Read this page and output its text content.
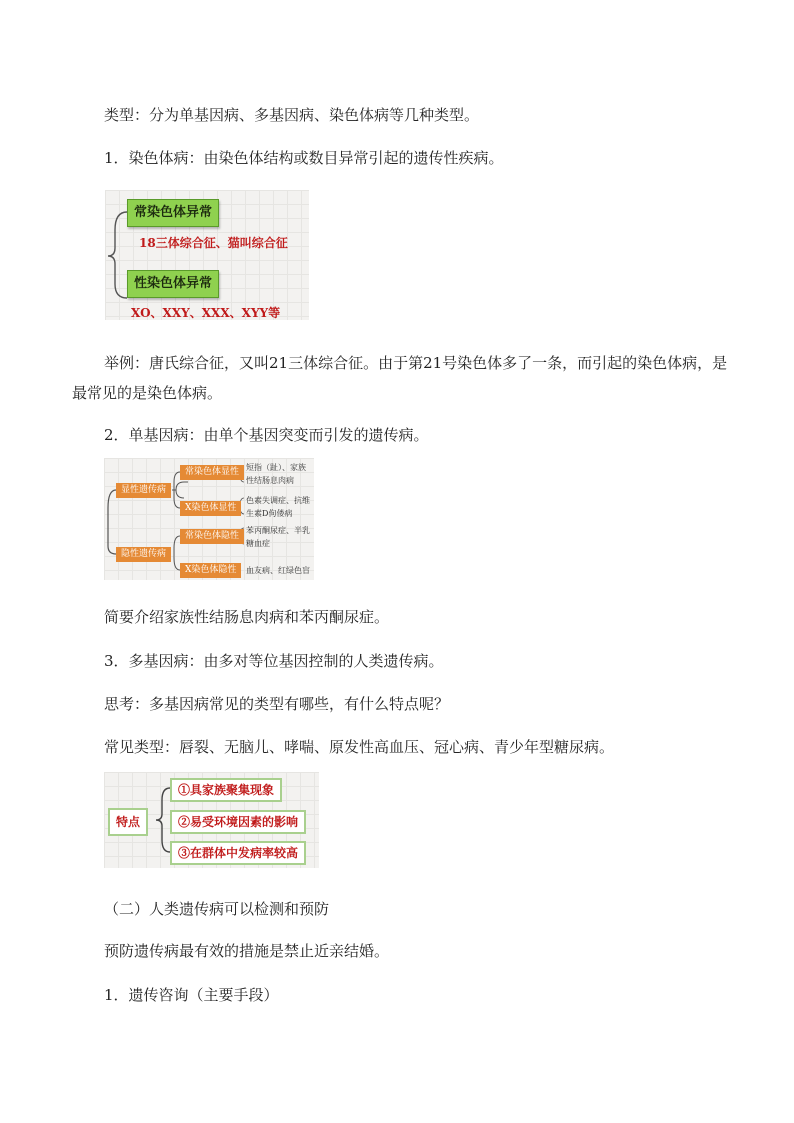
类型：分为单基因病、多基因病、染色体病等几种类型。
1．染色体病：由染色体结构或数目异常引起的遗传性疾病。
常染色体异常
18三体综合征、猫叫综合征
性染色体异常
XO、XXY、XXX、XYY等
举例：唐氏综合征，又叫21三体综合征。由于第21号染色体多了一条，而引起的染色体病，是最常见的是染色体病。
2．单基因病：由单个基因突变而引发的遗传病。
显性遗传病
隐性遗传病
常染色体显性
X染色体显性
常染色体隐性
X染色体隐性
短指（趾）、家族
性结肠息肉病
色素失调症、抗维
生素D佝偻病
苯丙酮尿症、半乳
糖血症
血友病、红绿色盲
简要介绍家族性结肠息肉病和苯丙酮尿症。
3．多基因病：由多对等位基因控制的人类遗传病。
思考：多基因病常见的类型有哪些，有什么特点呢？
常见类型：唇裂、无脑儿、哮喘、原发性高血压、冠心病、青少年型糖尿病。
特点
①具家族聚集现象
②易受环境因素的影响
③在群体中发病率较高
（二）人类遗传病可以检测和预防
预防遗传病最有效的措施是禁止近亲结婚。
1．遗传咨询（主要手段）
